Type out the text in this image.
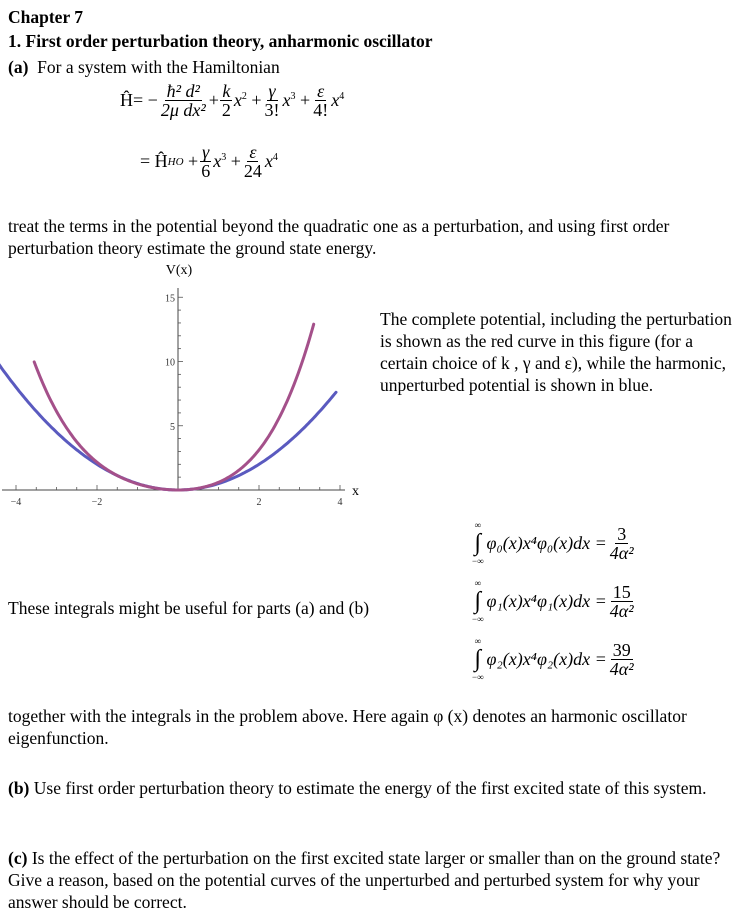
Chapter 7
1. First order perturbation theory, anharmonic oscillator
(a) For a system with the Hamiltonian
Ĥ = − $\frac{\text{ħ² d²}}{\text{2μ dx²}} + \frac{k}{2} x^2 + \frac{\gamma}{3!} x^3 + \frac{\varepsilon}{4!} x^4$
= Ĥ HO + $\frac{\gamma}{6} x^3 + \frac{\varepsilon}{24} x^4$
treat the terms in the potential beyond the quadratic one as a perturbation, and using first order perturbation theory estimate the ground state energy.
V(x)
x
−4	−2	2	4
5
10
15
The complete potential, including the perturbation is shown as the red curve in this figure (for a certain choice of k , γ and ε), while the harmonic, unperturbed potential is shown in blue.
These integrals might be useful for parts (a) and (b)
∞
∫
−∞
$\varphi_0(x)x^4\varphi_0(x)dx = \frac{3}{\text{4α²}}$
∞
∫
−∞
$\varphi_1(x)x^4\varphi_1(x)dx = \frac{15}{\text{4α²}}$
∞
∫
−∞
$\varphi_2(x)x^4\varphi_2(x)dx = \frac{39}{\text{4α²}}$
together with the integrals in the problem above. Here again φ (x) denotes an harmonic oscillator eigenfunction.
(b) Use first order perturbation theory to estimate the energy of the first excited state of this system.
(c) Is the effect of the perturbation on the first excited state larger or smaller than on the ground state? Give a reason, based on the potential curves of the unperturbed and perturbed system for why your answer should be correct.
